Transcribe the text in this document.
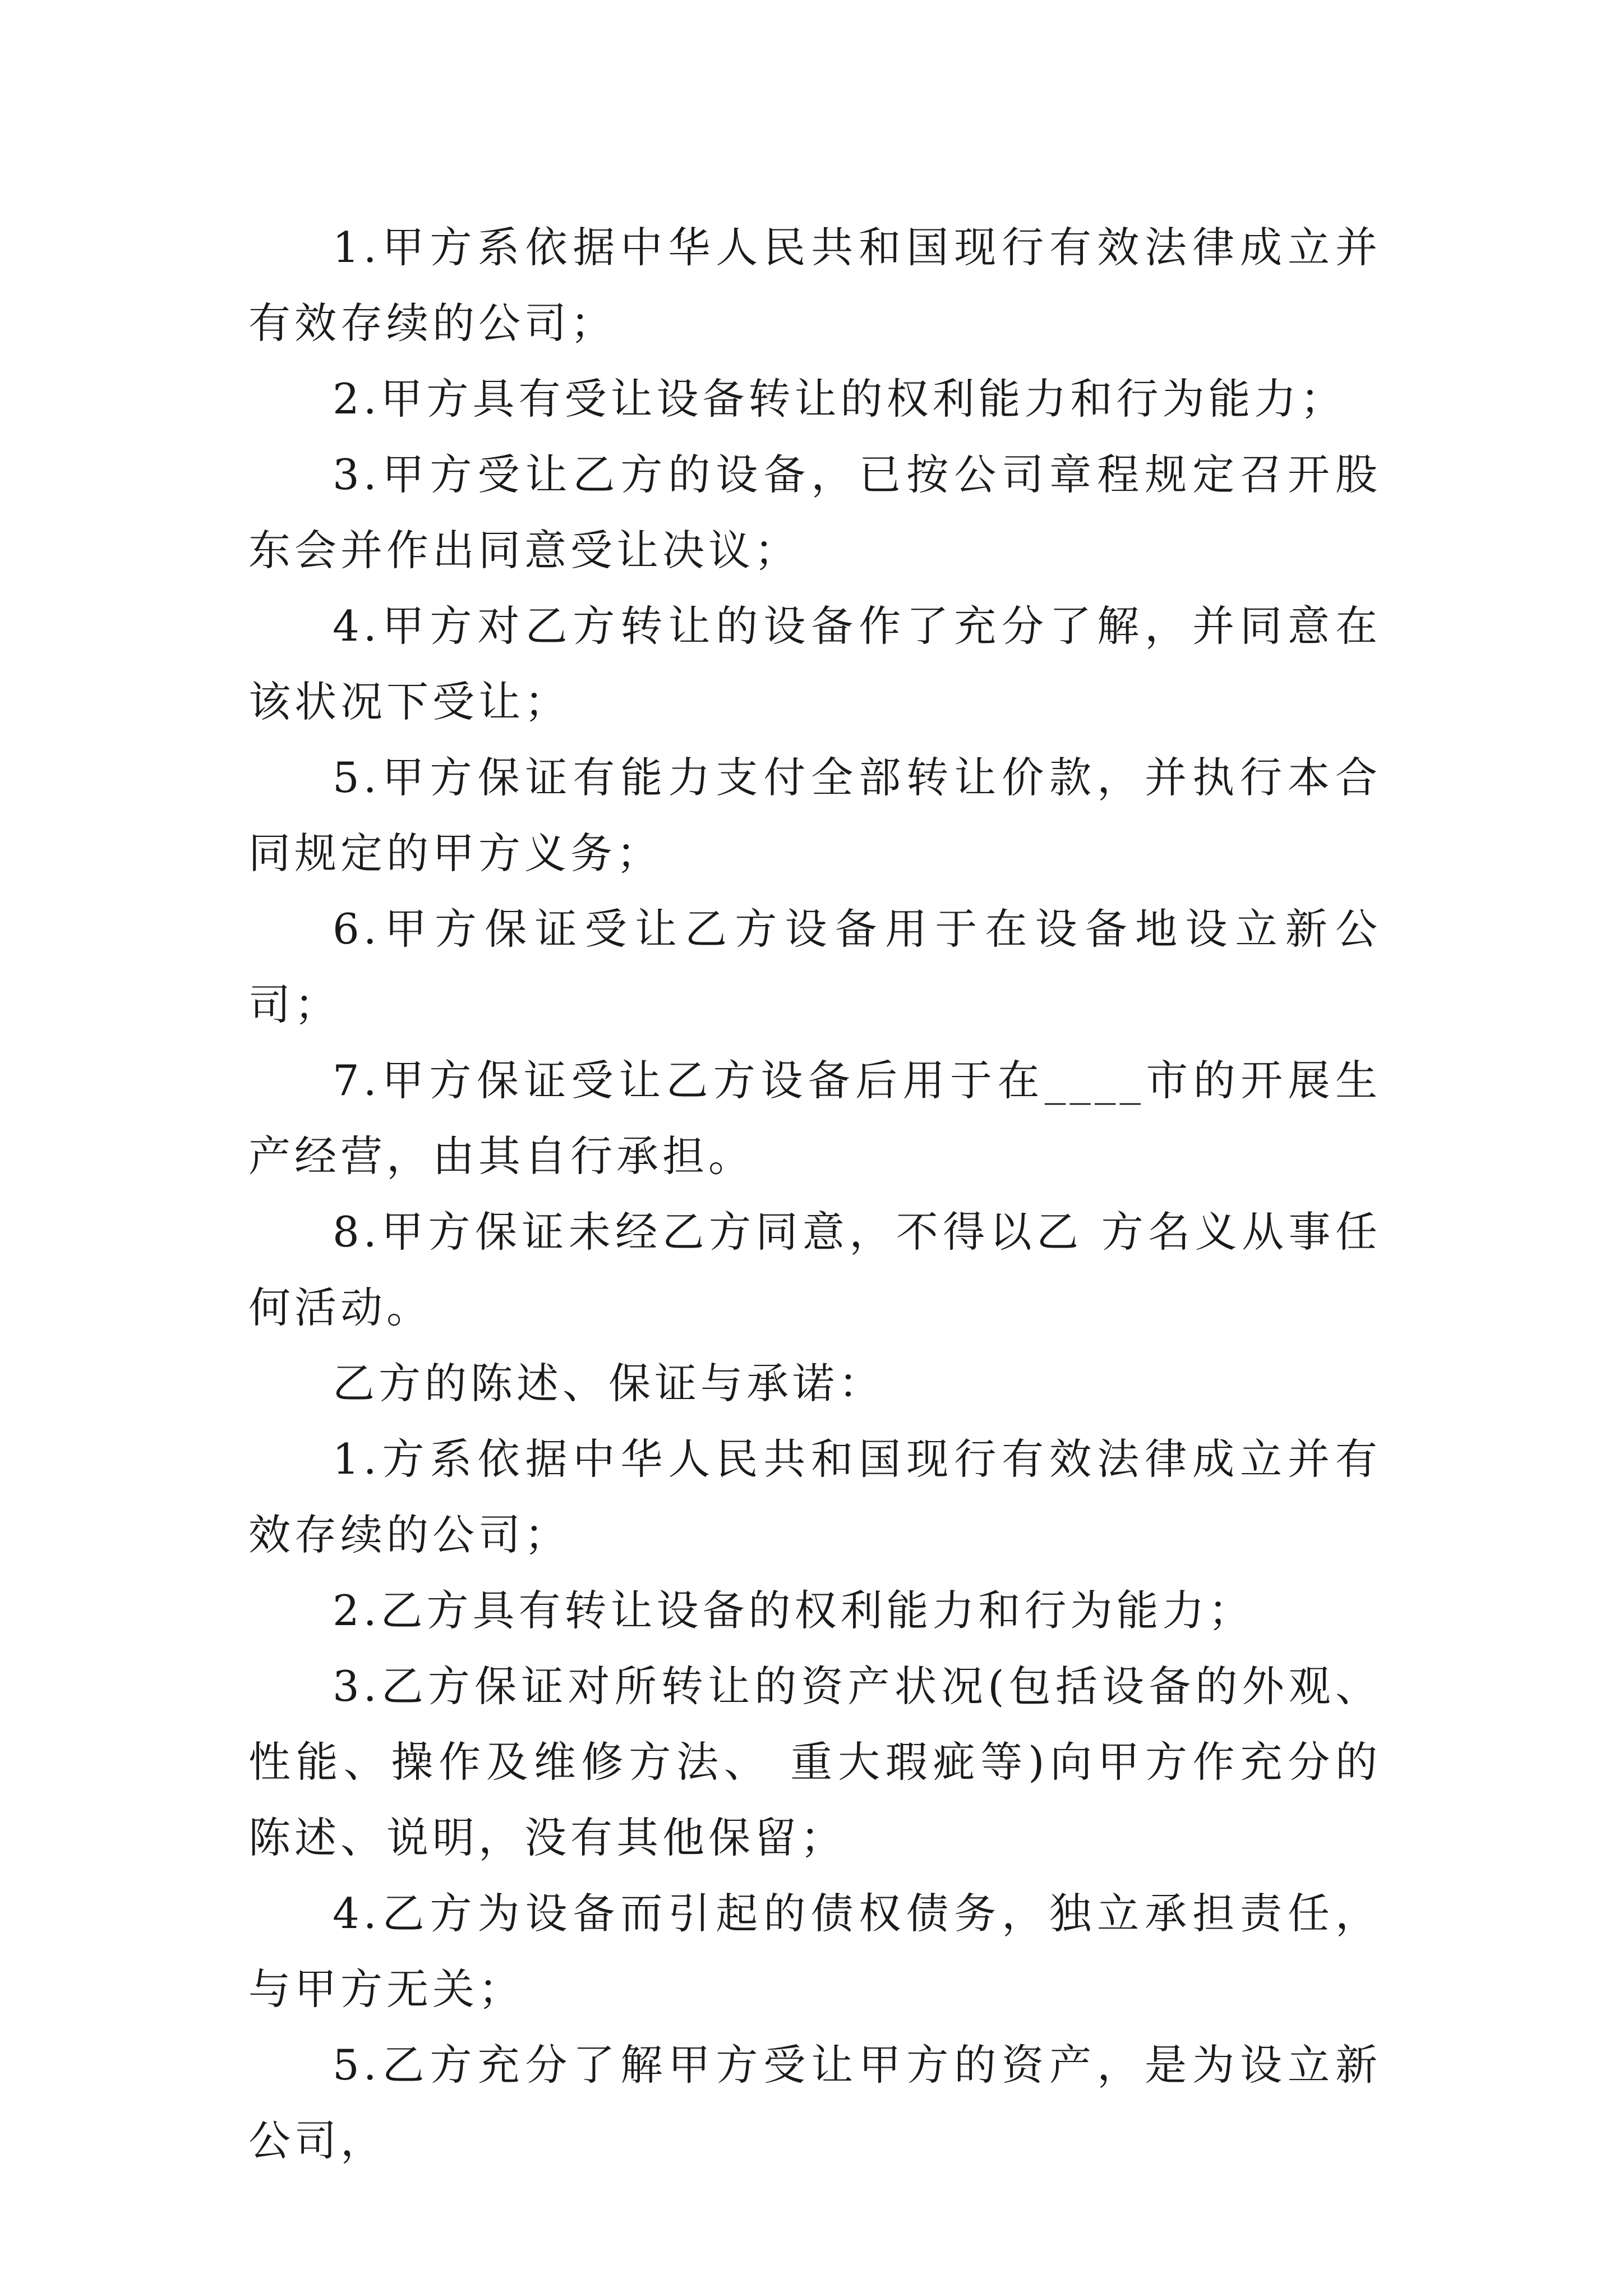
1.甲方系依据中华人民共和国现行有效法律成立并有效存续的公司；

2.甲方具有受让设备转让的权利能力和行为能力；

3.甲方受让乙方的设备，已按公司章程规定召开股东会并作出同意受让决议；

4.甲方对乙方转让的设备作了充分了解，并同意在该状况下受让；

5.甲方保证有能力支付全部转让价款，并执行本合同规定的甲方义务；

6.甲方保证受让乙方设备用于在设备地设立新公司；

7.甲方保证受让乙方设备后用于在____市的开展生产经营，由其自行承担。

8.甲方保证未经乙方同意，不得以乙 方名义从事任何活动。

乙方的陈述、保证与承诺：

1.方系依据中华人民共和国现行有效法律成立并有效存续的公司；

2.乙方具有转让设备的权利能力和行为能力；

3.乙方保证对所转让的资产状况(包括设备的外观、性能、操作及维修方法、 重大瑕疵等)向甲方作充分的陈述、说明，没有其他保留；

4.乙方为设备而引起的债权债务，独立承担责任，与甲方无关；

5.乙方充分了解甲方受让甲方的资产，是为设立新公司，
